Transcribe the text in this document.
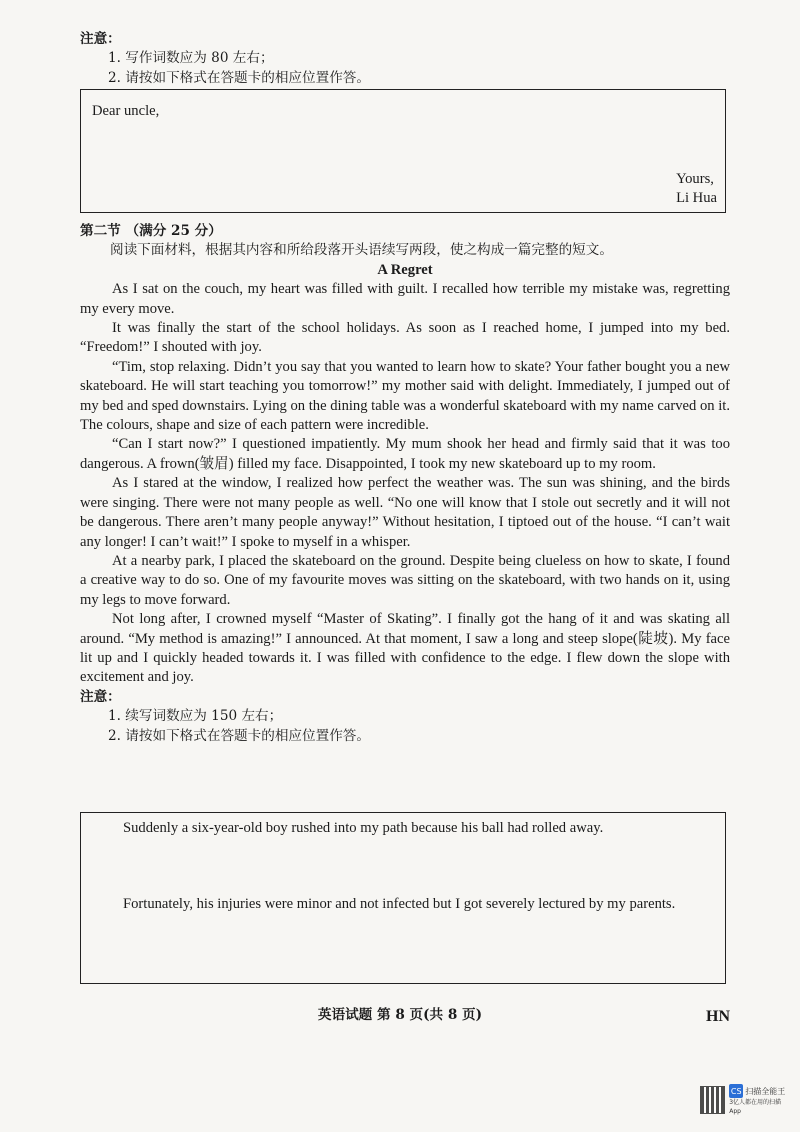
注意：
1. 写作词数应为 80 左右；
2. 请按如下格式在答题卡的相应位置作答。
Dear uncle,
Yours,
Li Hua
第二节 （满分 25 分）
阅读下面材料，根据其内容和所给段落开头语续写两段，使之构成一篇完整的短文。
A Regret

As I sat on the couch, my heart was filled with guilt. I recalled how terrible my mistake was, regretting my every move.

It was finally the start of the school holidays. As soon as I reached home, I jumped into my bed. “Freedom!” I shouted with joy.

“Tim, stop relaxing. Didn’t you say that you wanted to learn how to skate? Your father bought you a new skateboard. He will start teaching you tomorrow!” my mother said with delight. Immediately, I jumped out of my bed and sped downstairs. Lying on the dining table was a wonderful skateboard with my name carved on it. The colours, shape and size of each pattern were incredible.

“Can I start now?” I questioned impatiently. My mum shook her head and firmly said that it was too dangerous. A frown(皱眉) filled my face. Disappointed, I took my new skateboard up to my room.

As I stared at the window, I realized how perfect the weather was. The sun was shining, and the birds were singing. There were not many people as well. “No one will know that I stole out secretly and it will not be dangerous. There aren’t many people anyway!” Without hesitation, I tiptoed out of the house. “I can’t wait any longer! I can’t wait!” I spoke to myself in a whisper.

At a nearby park, I placed the skateboard on the ground. Despite being clueless on how to skate, I found a creative way to do so. One of my favourite moves was sitting on the skateboard, with two hands on it, using my legs to move forward.

Not long after, I crowned myself “Master of Skating”. I finally got the hang of it and was skating all around. “My method is amazing!” I announced. At that moment, I saw a long and steep slope(陡坡). My face lit up and I quickly headed towards it. I was filled with confidence to the edge. I flew down the slope with excitement and joy.

注意：
1. 续写词数应为 150 左右；
2. 请按如下格式在答题卡的相应位置作答。
Suddenly a six-year-old boy rushed into my path because his ball had rolled away.
Fortunately, his injuries were minor and not infected but I got severely lectured by my parents.
英语试题 第 8 页(共 8 页)	HN
CS 扫描全能王
3亿人都在用的扫描App
